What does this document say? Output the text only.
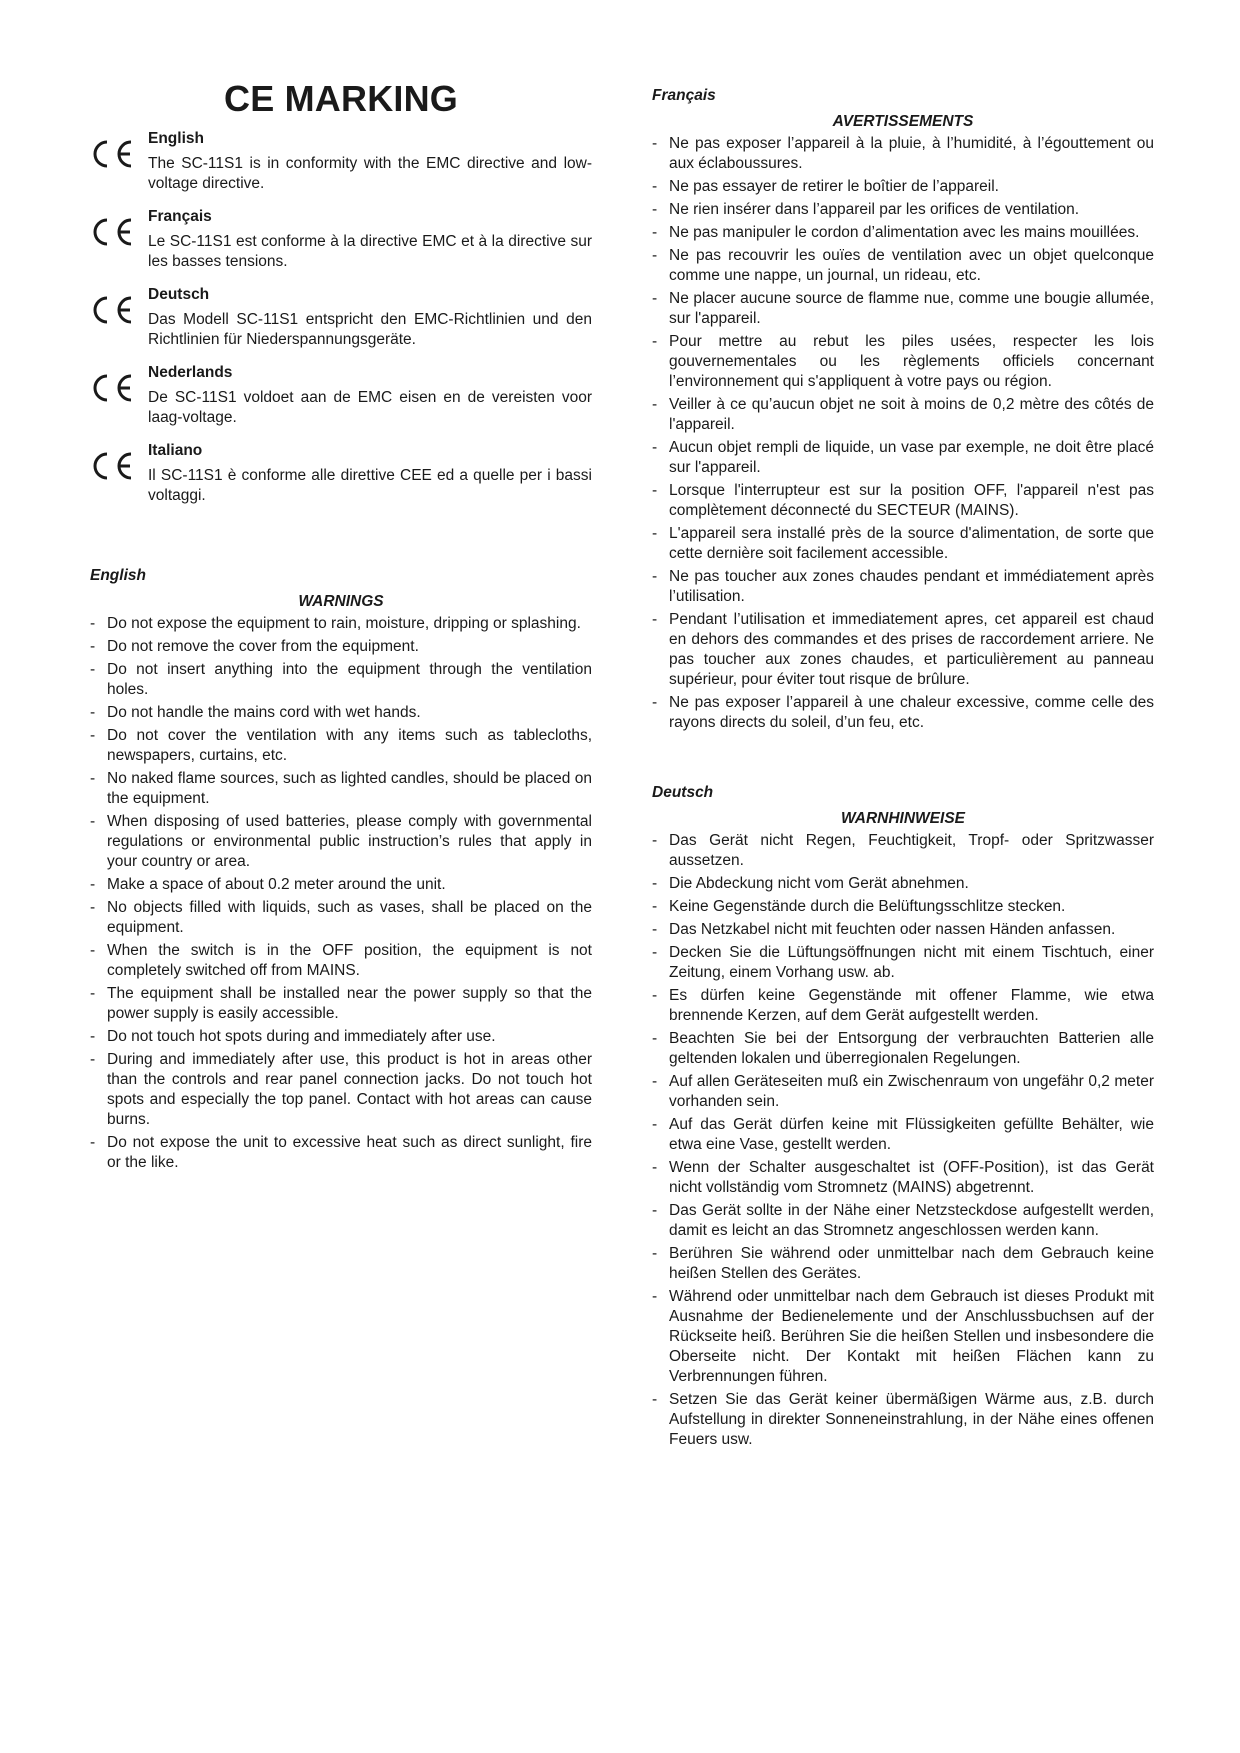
CE MARKING

English

The SC-11S1 is in conformity with the EMC directive and low-voltage directive.

Français

Le SC-11S1 est conforme à la directive EMC et à la directive sur les basses tensions.

Deutsch

Das Modell SC-11S1 entspricht den EMC-Richtlinien und den Richtlinien für Niederspannungsgeräte.

Nederlands

De SC-11S1 voldoet aan de EMC eisen en de vereisten voor laag-voltage.

Italiano

Il SC-11S1 è conforme alle direttive CEE ed a quelle per i bassi voltaggi.

English

WARNINGS

- Do not expose the equipment to rain, moisture, dripping or splashing.
- Do not remove the cover from the equipment.
- Do not insert anything into the equipment through the ventilation holes.
- Do not handle the mains cord with wet hands.
- Do not cover the ventilation with any items such as tablecloths, newspapers, curtains, etc.
- No naked flame sources, such as lighted candles, should be placed on the equipment.
- When disposing of used batteries, please comply with governmental regulations or environmental public instruction’s rules that apply in your country or area.
- Make a space of about 0.2 meter around the unit.
- No objects filled with liquids, such as vases, shall be placed on the equipment.
- When the switch is in the OFF position, the equipment is not completely switched off from MAINS.
- The equipment shall be installed near the power supply so that the power supply is easily accessible.
- Do not touch hot spots during and immediately after use.
- During and immediately after use, this product is hot in areas other than the controls and rear panel connection jacks. Do not touch hot spots and especially the top panel. Contact with hot areas can cause burns.
- Do not expose the unit to excessive heat such as direct sunlight, fire or the like.

Français

AVERTISSEMENTS

- Ne pas exposer l’appareil à la pluie, à l’humidité, à l’égouttement ou aux éclaboussures.
- Ne pas essayer de retirer le boîtier de l’appareil.
- Ne rien insérer dans l’appareil par les orifices de ventilation.
- Ne pas manipuler le cordon d’alimentation avec les mains mouillées.
- Ne pas recouvrir les ouïes de ventilation avec un objet quelconque comme une nappe, un journal, un rideau, etc.
- Ne placer aucune source de flamme nue, comme une bougie allumée, sur l'appareil.
- Pour mettre au rebut les piles usées, respecter les lois gouvernementales ou les règlements officiels concernant l’environnement qui s'appliquent à votre pays ou région.
- Veiller à ce qu’aucun objet ne soit à moins de 0,2 mètre des côtés de l'appareil.
- Aucun objet rempli de liquide, un vase par exemple, ne doit être placé sur l'appareil.
- Lorsque l'interrupteur est sur la position OFF, l'appareil n'est pas complètement déconnecté du SECTEUR (MAINS).
- L'appareil sera installé près de la source d'alimentation, de sorte que cette dernière soit facilement accessible.
- Ne pas toucher aux zones chaudes pendant et immédiatement après l’utilisation.
- Pendant l’utilisation et immediatement apres, cet appareil est chaud en dehors des commandes et des prises de raccordement arriere. Ne pas toucher aux zones chaudes, et particulièrement au panneau supérieur, pour éviter tout risque de brûlure.
- Ne pas exposer l’appareil à une chaleur excessive, comme celle des rayons directs du soleil, d’un feu, etc.

Deutsch

WARNHINWEISE

- Das Gerät nicht Regen, Feuchtigkeit, Tropf- oder Spritzwasser aussetzen.
- Die Abdeckung nicht vom Gerät abnehmen.
- Keine Gegenstände durch die Belüftungsschlitze stecken.
- Das Netzkabel nicht mit feuchten oder nassen Händen anfassen.
- Decken Sie die Lüftungsöffnungen nicht mit einem Tischtuch, einer Zeitung, einem Vorhang usw. ab.
- Es dürfen keine Gegenstände mit offener Flamme, wie etwa brennende Kerzen, auf dem Gerät aufgestellt werden.
- Beachten Sie bei der Entsorgung der verbrauchten Batterien alle geltenden lokalen und überregionalen Regelungen.
- Auf allen Geräteseiten muß ein Zwischenraum von ungefähr 0,2 meter vorhanden sein.
- Auf das Gerät dürfen keine mit Flüssigkeiten gefüllte Behälter, wie etwa eine Vase, gestellt werden.
- Wenn der Schalter ausgeschaltet ist (OFF-Position), ist das Gerät nicht vollständig vom Stromnetz (MAINS) abgetrennt.
- Das Gerät sollte in der Nähe einer Netzsteckdose aufgestellt werden, damit es leicht an das Stromnetz angeschlossen werden kann.
- Berühren Sie während oder unmittelbar nach dem Gebrauch keine heißen Stellen des Gerätes.
- Während oder unmittelbar nach dem Gebrauch ist dieses Produkt mit Ausnahme der Bedienelemente und der Anschlussbuchsen auf der Rückseite heiß. Berühren Sie die heißen Stellen und insbesondere die Oberseite nicht. Der Kontakt mit heißen Flächen kann zu Verbrennungen führen.
- Setzen Sie das Gerät keiner übermäßigen Wärme aus, z.B. durch Aufstellung in direkter Sonneneinstrahlung, in der Nähe eines offenen Feuers usw.
